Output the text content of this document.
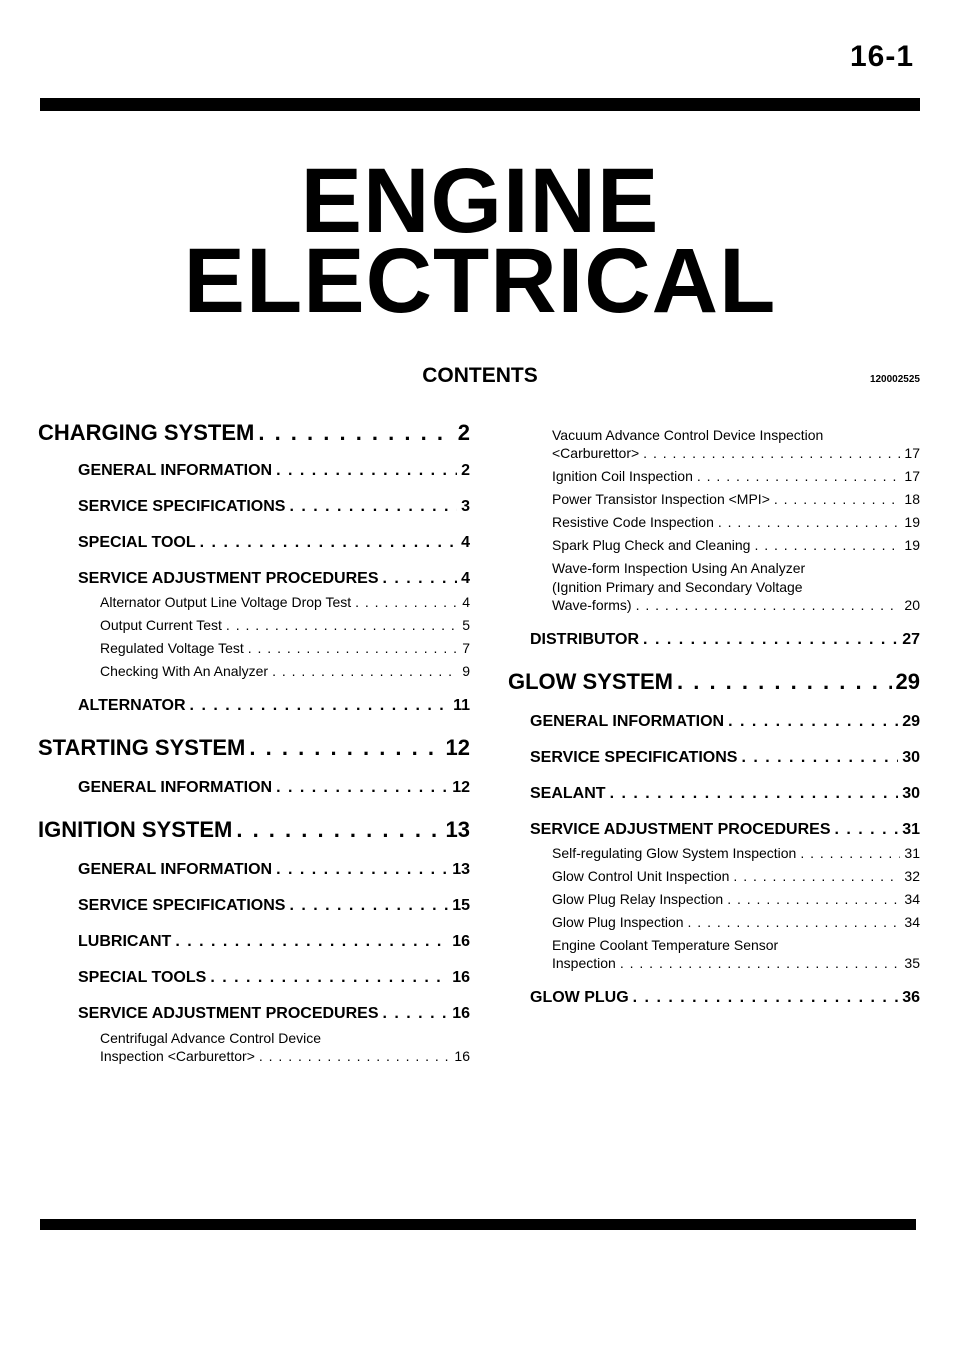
16-1
ENGINE
ELECTRICAL
CONTENTS	120002525
CHARGING SYSTEM . . .	2
GENERAL INFORMATION . . .	2
SERVICE SPECIFICATIONS . . .	3
SPECIAL TOOL . . .	4
SERVICE ADJUSTMENT PROCEDURES . . .	4
Alternator Output Line Voltage Drop Test . . .	4
Output Current Test . . .	5
Regulated Voltage Test . . .	7
Checking With An Analyzer . . .	9
ALTERNATOR . . .	11
STARTING SYSTEM . . .	12
GENERAL INFORMATION . . .	12
IGNITION SYSTEM . . .	13
GENERAL INFORMATION . . .	13
SERVICE SPECIFICATIONS . . .	15
LUBRICANT . . .	16
SPECIAL TOOLS . . .	16
SERVICE ADJUSTMENT PROCEDURES . . .	16
Centrifugal Advance Control Device
Inspection <Carburettor> . . .	16
Vacuum Advance Control Device Inspection
<Carburettor> . . .	17
Ignition Coil Inspection . . .	17
Power Transistor Inspection <MPI> . . .	18
Resistive Code Inspection . . .	19
Spark Plug Check and Cleaning . . .	19
Wave-form Inspection Using An Analyzer
(Ignition Primary and Secondary Voltage
Wave-forms) . . .	20
DISTRIBUTOR . . .	27
GLOW SYSTEM . . .	29
GENERAL INFORMATION . . .	29
SERVICE SPECIFICATIONS . . .	30
SEALANT . . .	30
SERVICE ADJUSTMENT PROCEDURES . . .	31
Self-regulating Glow System Inspection . . .	31
Glow Control Unit Inspection . . .	32
Glow Plug Relay Inspection . . .	34
Glow Plug Inspection . . .	34
Engine Coolant Temperature Sensor
Inspection . . .	35
GLOW PLUG . . .	36
